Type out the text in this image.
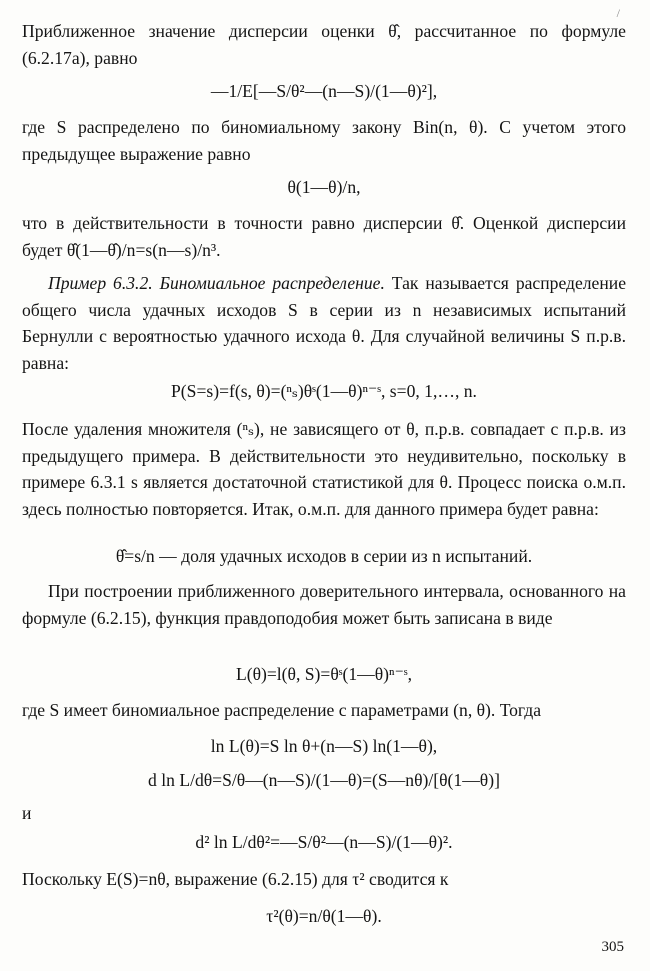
/

Приближенное значение дисперсии оценки θ̂, рассчитанное по формуле (6.2.17а), равно

—1/E[—S/θ²—(n—S)/(1—θ)²],

где S распределено по биномиальному закону Bin(n, θ). С учетом этого предыдущее выражение равно

θ(1—θ)/n,

что в действительности в точности равно дисперсии θ̂. Оценкой дисперсии будет θ̂(1—θ̂)/n=s(n—s)/n³.

Пример 6.3.2. Биномиальное распределение. Так называется распределение общего числа удачных исходов S в серии из n независимых испытаний Бернулли с вероятностью удачного исхода θ. Для случайной величины S п.р.в. равна:

P(S=s)=f(s, θ)=(ⁿₛ)θˢ(1—θ)ⁿ⁻ˢ, s=0, 1,…, n.

После удаления множителя (ⁿₛ), не зависящего от θ, п.р.в. совпадает с п.р.в. из предыдущего примера. В действительности это неудивительно, поскольку в примере 6.3.1 s является достаточной статистикой для θ. Процесс поиска о.м.п. здесь полностью повторяется. Итак, о.м.п. для данного примера будет равна:

θ̂=s/n — доля удачных исходов в серии из n испытаний.

При построении приближенного доверительного интервала, основанного на формуле (6.2.15), функция правдоподобия может быть записана в виде

L(θ)=l(θ, S)=θˢ(1—θ)ⁿ⁻ˢ,

где S имеет биномиальное распределение с параметрами (n, θ). Тогда

ln L(θ)=S ln θ+(n—S) ln(1—θ),

d ln L/dθ=S/θ—(n—S)/(1—θ)=(S—nθ)/[θ(1—θ)]

и

d² ln L/dθ²=—S/θ²—(n—S)/(1—θ)².

Поскольку E(S)=nθ, выражение (6.2.15) для τ² сводится к

τ²(θ)=n/θ(1—θ).

305
